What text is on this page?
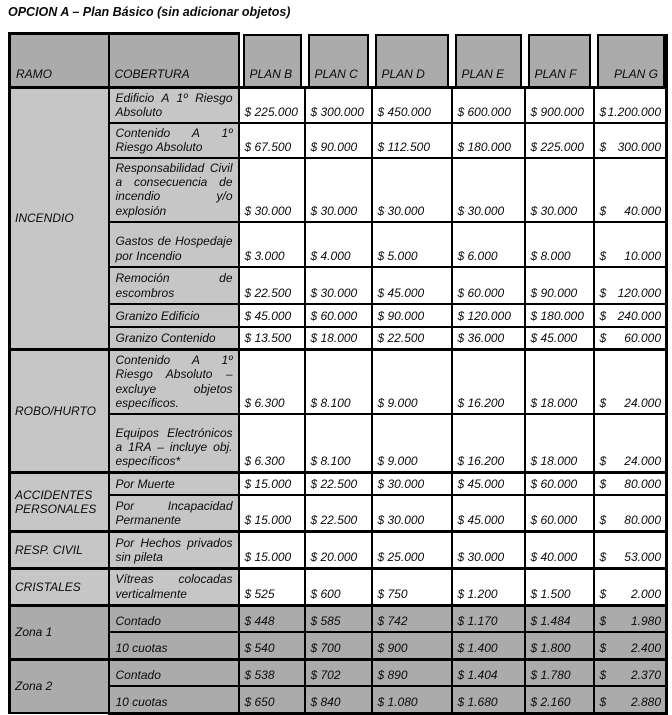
OPCION A – Plan Básico (sin adicionar objetos)
RAMO	COBERTURA	PLAN B	PLAN C	PLAN D	PLAN E	PLAN F	PLAN G

INCENDIO	Edificio A 1º Riesgo Absoluto	$ 225.000	$ 300.000	$ 450.000	$ 600.000	$ 900.000	$ 1.200.000

	Contenido A 1º Riesgo Absoluto	$ 67.500	$ 90.000	$ 112.500	$ 180.000	$ 225.000	$ 300.000

	Responsabilidad Civil a consecuencia de incendio y/o explosión	$ 30.000	$ 30.000	$ 30.000	$ 30.000	$ 30.000	$ 40.000

	Gastos de Hospedaje por Incendio	$ 3.000	$ 4.000	$ 5.000	$ 6.000	$ 8.000	$ 10.000

	Remoción de escombros	$ 22.500	$ 30.000	$ 45.000	$ 60.000	$ 90.000	$ 120.000

	Granizo Edificio	$ 45.000	$ 60.000	$ 90.000	$ 120.000	$ 180.000	$ 240.000

	Granizo Contenido	$ 13.500	$ 18.000	$ 22.500	$ 36.000	$ 45.000	$ 60.000

ROBO/HURTO	Contenido A 1º Riesgo Absoluto – excluye objetos específicos.	$ 6.300	$ 8.100	$ 9.000	$ 16.200	$ 18.000	$ 24.000

	Equipos Electrónicos a 1RA – incluye obj. específicos*	$ 6.300	$ 8.100	$ 9.000	$ 16.200	$ 18.000	$ 24.000

ACCIDENTES PERSONALES	Por Muerte	$ 15.000	$ 22.500	$ 30.000	$ 45.000	$ 60.000	$ 80.000

	Por Incapacidad Permanente	$ 15.000	$ 22.500	$ 30.000	$ 45.000	$ 60.000	$ 80.000

RESP. CIVIL	Por Hechos privados sin pileta	$ 15.000	$ 20.000	$ 25.000	$ 30.000	$ 40.000	$ 53.000

CRISTALES	Vítreas colocadas verticalmente	$ 525	$ 600	$ 750	$ 1.200	$ 1.500	$ 2.000

Zona 1	Contado	$ 448	$ 585	$ 742	$ 1.170	$ 1.484	$ 1.980

	10 cuotas	$ 540	$ 700	$ 900	$ 1.400	$ 1.800	$ 2.400

Zona 2	Contado	$ 538	$ 702	$ 890	$ 1.404	$ 1.780	$ 2.370

	10 cuotas	$ 650	$ 840	$ 1.080	$ 1.680	$ 2.160	$ 2.880
